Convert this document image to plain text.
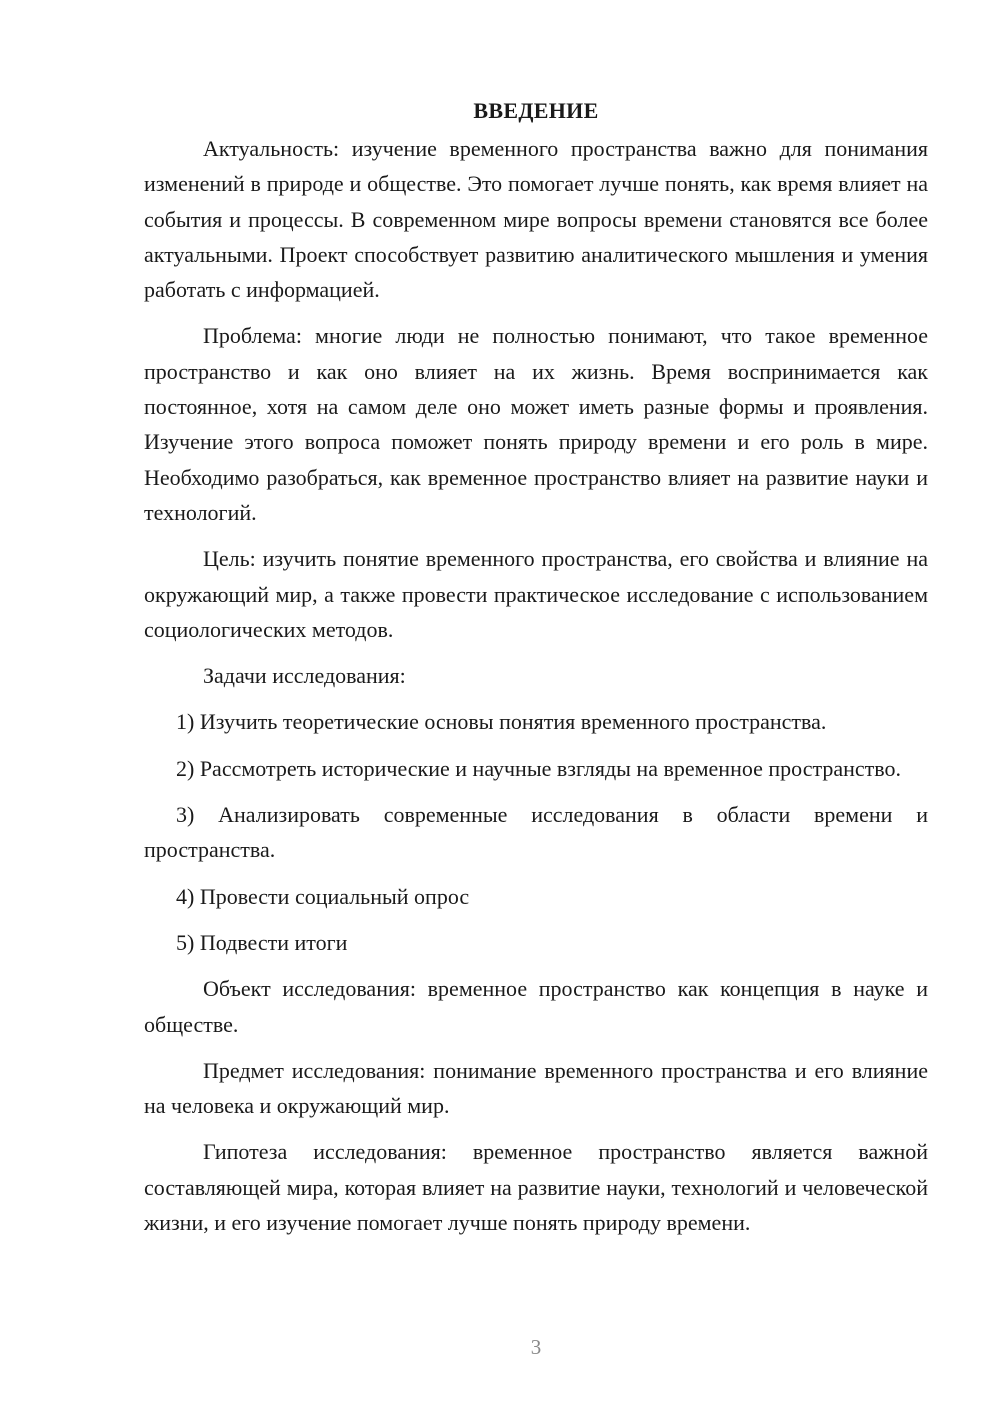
ВВЕДЕНИЕ

Актуальность: изучение временного пространства важно для понимания изменений в природе и обществе. Это помогает лучше понять, как время влияет на события и процессы. В современном мире вопросы времени становятся все более актуальными. Проект способствует развитию аналитического мышления и умения работать с информацией.

Проблема: многие люди не полностью понимают, что такое временное пространство и как оно влияет на их жизнь. Время воспринимается как постоянное, хотя на самом деле оно может иметь разные формы и проявления. Изучение этого вопроса поможет понять природу времени и его роль в мире. Необходимо разобраться, как временное пространство влияет на развитие науки и технологий.

Цель: изучить понятие временного пространства, его свойства и влияние на окружающий мир, а также провести практическое исследование с использованием социологических методов.

Задачи исследования:

1) Изучить теоретические основы понятия временного пространства.

2) Рассмотреть исторические и научные взгляды на временное пространство.

3) Анализировать современные исследования в области времени и пространства.

4) Провести социальный опрос

5) Подвести итоги

Объект исследования: временное пространство как концепция в науке и обществе.

Предмет исследования: понимание временного пространства и его влияние на человека и окружающий мир.

Гипотеза исследования: временное пространство является важной составляющей мира, которая влияет на развитие науки, технологий и человеческой жизни, и его изучение помогает лучше понять природу времени.

3
